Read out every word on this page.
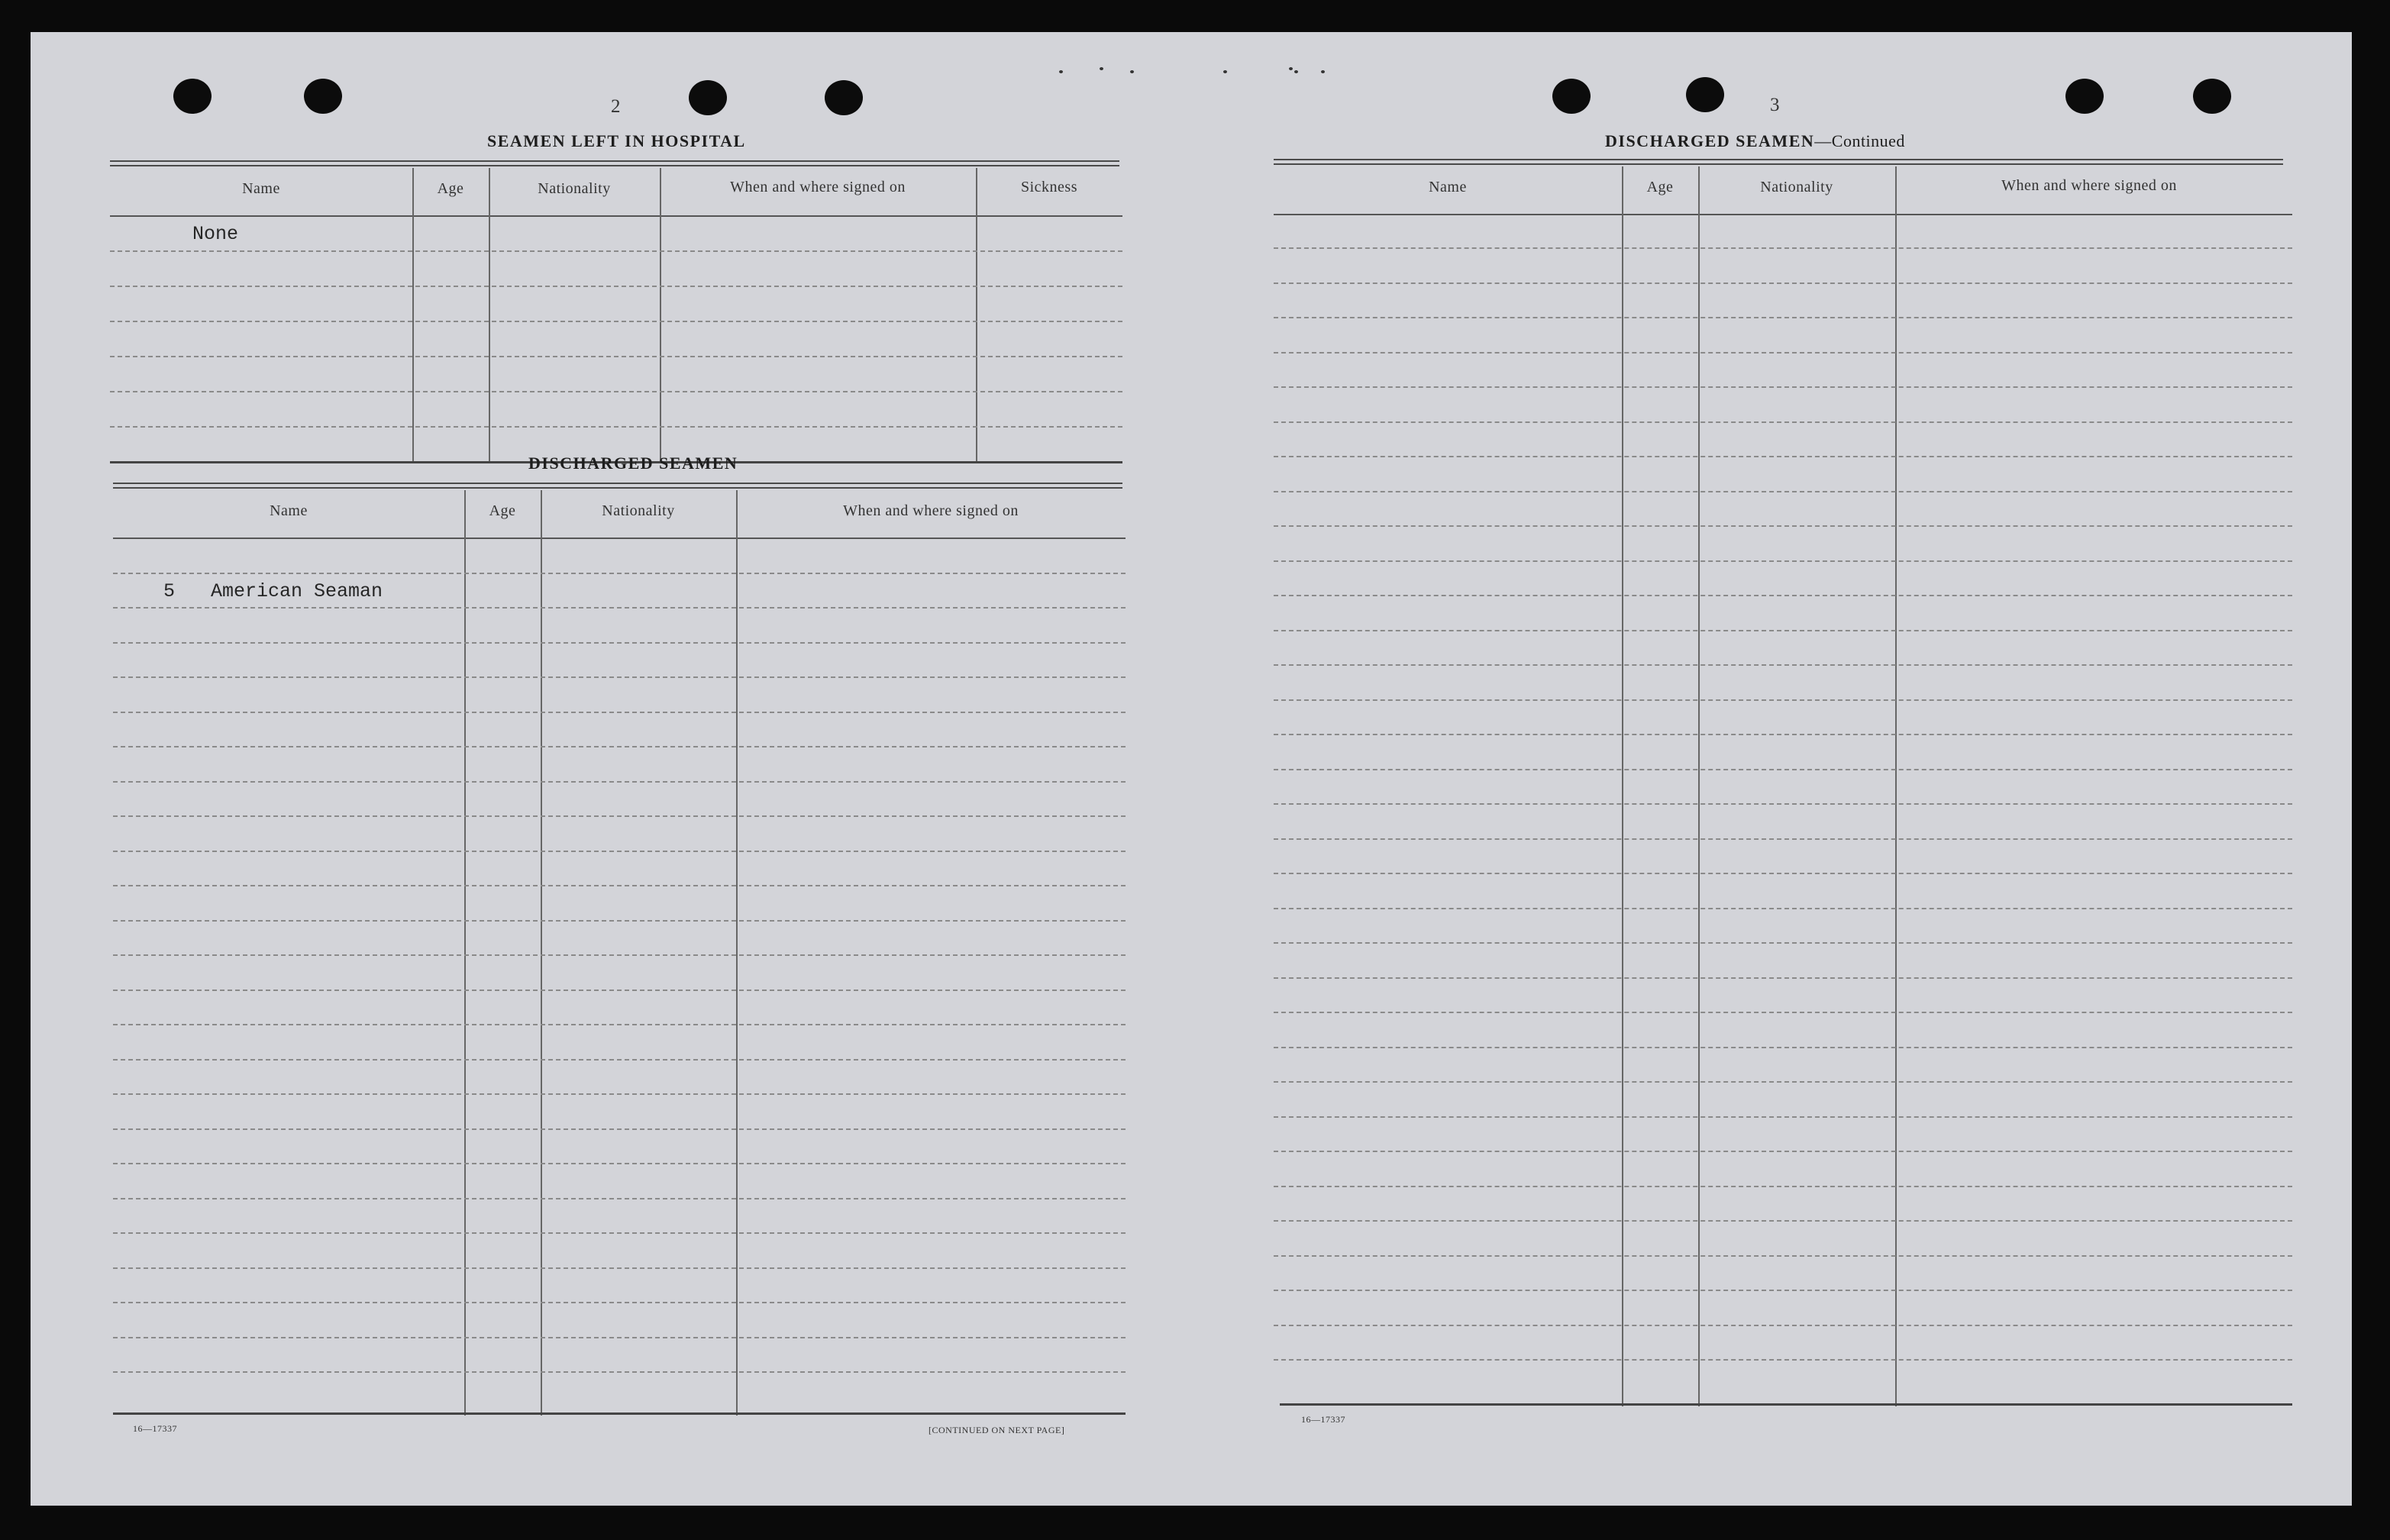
2
SEAMEN LEFT IN HOSPITAL
Name	Age	Nationality	When and where signed on	Sickness
None
DISCHARGED SEAMEN
Name	Age	Nationality	When and where signed on
5 American Seaman
16—17337	[CONTINUED ON NEXT PAGE]
3
DISCHARGED SEAMEN—Continued
Name	Age	Nationality	When and where signed on
16—17337
